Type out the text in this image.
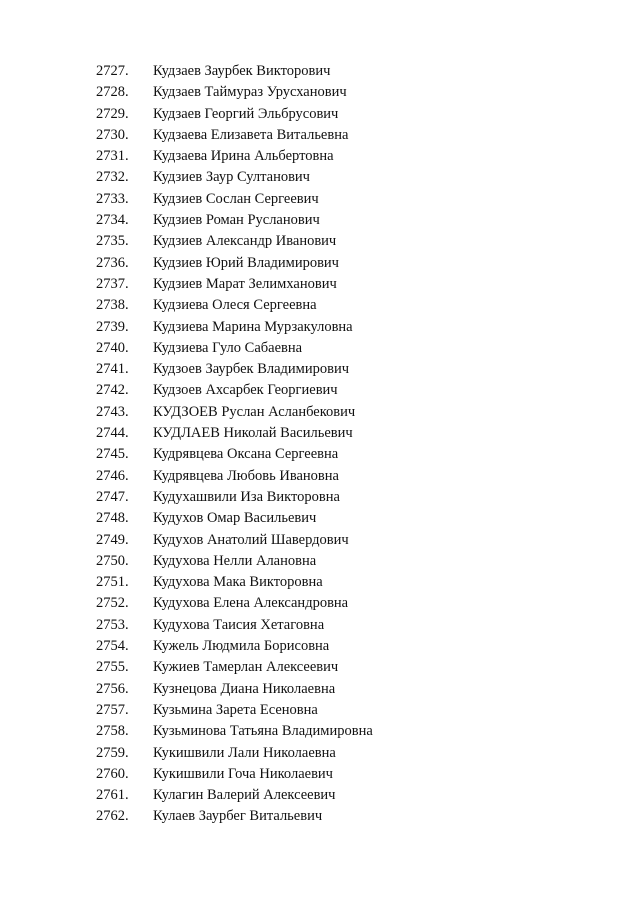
2727. Кудзаев Заурбек Викторович
2728. Кудзаев Таймураз Урусханович
2729. Кудзаев Георгий Эльбрусович
2730. Кудзаева Елизавета Витальевна
2731. Кудзаева Ирина Альбертовна
2732. Кудзиев Заур Султанович
2733. Кудзиев Сослан Сергеевич
2734. Кудзиев Роман Русланович
2735. Кудзиев Александр Иванович
2736. Кудзиев Юрий Владимирович
2737. Кудзиев Марат Зелимханович
2738. Кудзиева Олеся Сергеевна
2739. Кудзиева Марина Мурзакуловна
2740. Кудзиева Гуло Сабаевна
2741. Кудзоев Заурбек Владимирович
2742. Кудзоев Ахсарбек Георгиевич
2743. КУДЗОЕВ Руслан Асланбекович
2744. КУДЛАЕВ Николай Васильевич
2745. Кудрявцева Оксана Сергеевна
2746. Кудрявцева Любовь Ивановна
2747. Кудухашвили Иза Викторовна
2748. Кудухов Омар Васильевич
2749. Кудухов Анатолий Шавердович
2750. Кудухова Нелли Алановна
2751. Кудухова Мака Викторовна
2752. Кудухова Елена Александровна
2753. Кудухова Таисия Хетаговна
2754. Кужель Людмила Борисовна
2755. Кужиев Тамерлан Алексеевич
2756. Кузнецова Диана Николаевна
2757. Кузьмина Зарета Есеновна
2758. Кузьминова Татьяна Владимировна
2759. Кукишвили Лали Николаевна
2760. Кукишвили Гоча Николаевич
2761. Кулагин Валерий Алексеевич
2762. Кулаев Заурбег Витальевич
